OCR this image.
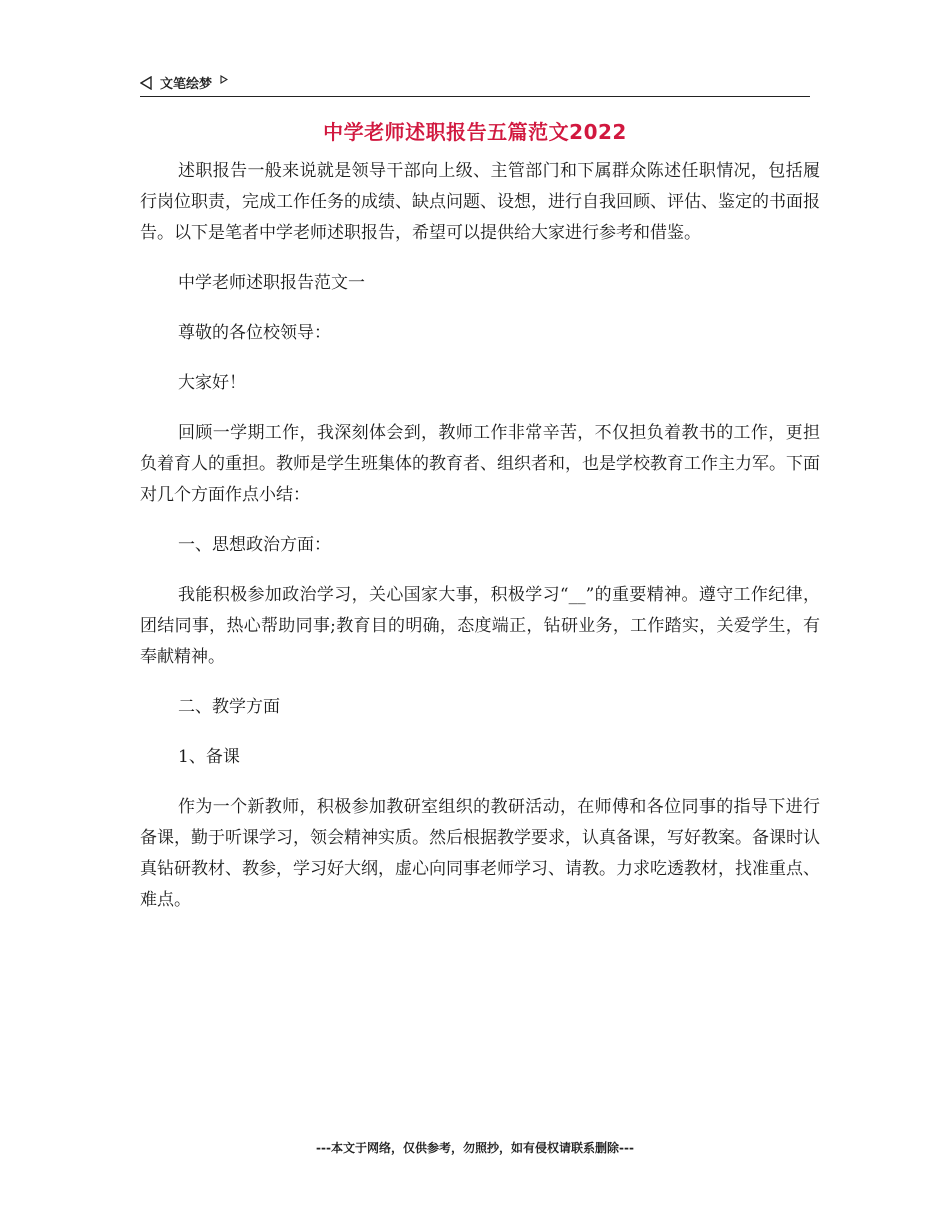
文笔绘梦
中学老师述职报告五篇范文2022

述职报告一般来说就是领导干部向上级、主管部门和下属群众陈述任职情况，包括履行岗位职责，完成工作任务的成绩、缺点问题、设想，进行自我回顾、评估、鉴定的书面报告。以下是笔者中学老师述职报告，希望可以提供给大家进行参考和借鉴。

中学老师述职报告范文一

尊敬的各位校领导：

大家好！

回顾一学期工作，我深刻体会到，教师工作非常辛苦，不仅担负着教书的工作，更担负着育人的重担。教师是学生班集体的教育者、组织者和，也是学校教育工作主力军。下面对几个方面作点小结：

一、思想政治方面：

我能积极参加政治学习，关心国家大事，积极学习“__”的重要精神。遵守工作纪律，团结同事，热心帮助同事;教育目的明确，态度端正，钻研业务，工作踏实，关爱学生，有奉献精神。

二、教学方面

1、备课

作为一个新教师，积极参加教研室组织的教研活动，在师傅和各位同事的指导下进行备课，勤于听课学习，领会精神实质。然后根据教学要求，认真备课，写好教案。备课时认真钻研教材、教参，学习好大纲，虚心向同事老师学习、请教。力求吃透教材，找准重点、难点。

---本文于网络，仅供参考，勿照抄，如有侵权请联系删除---
